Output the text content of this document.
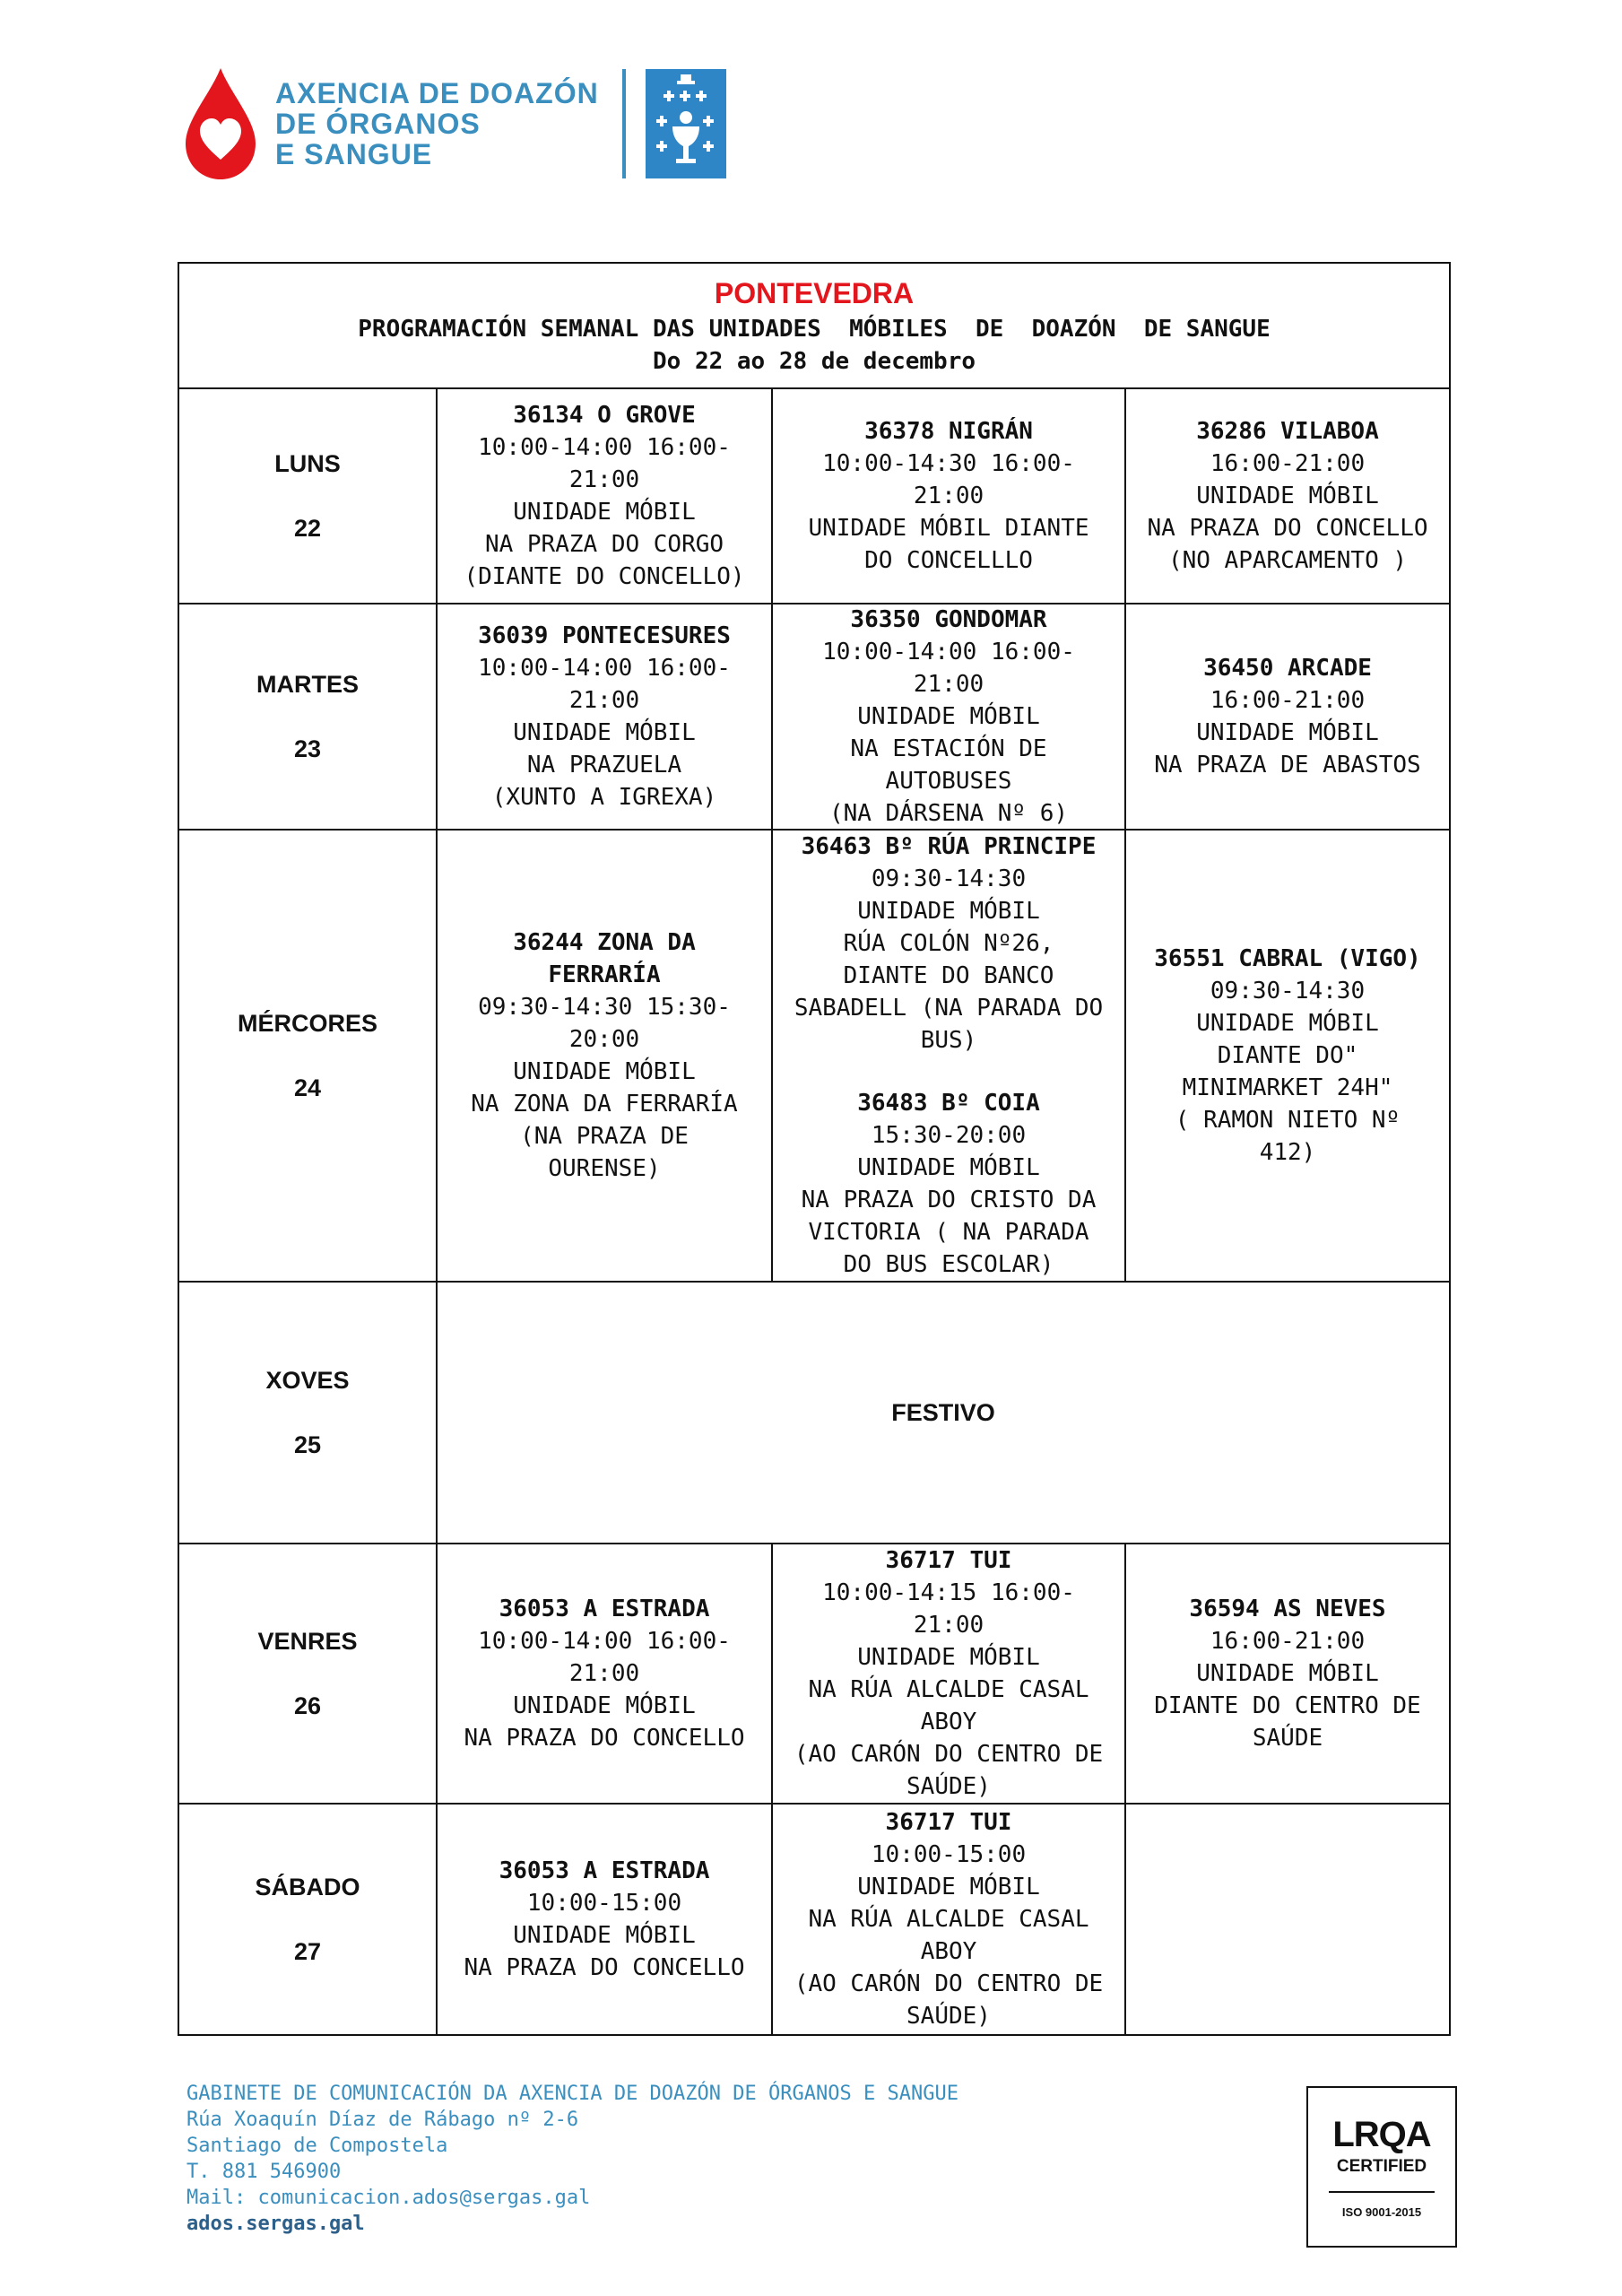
AXENCIA DE DOAZÓN
DE ÓRGANOS
E SANGUE
PONTEVEDRA
PROGRAMACIÓN SEMANAL DAS UNIDADES  MÓBILES  DE  DOAZÓN  DE SANGUE
Do 22 ao 28 de decembro
LUNS
22
36134 O GROVE
10:00-14:00 16:00-
21:00
UNIDADE MÓBIL
NA PRAZA DO CORGO
(DIANTE DO CONCELLO)
36378 NIGRÁN
10:00-14:30 16:00-
21:00
UNIDADE MÓBIL DIANTE
DO CONCELLLO
36286 VILABOA
16:00-21:00
UNIDADE MÓBIL
NA PRAZA DO CONCELLO
(NO APARCAMENTO )
MARTES
23
36039 PONTECESURES
10:00-14:00 16:00-
21:00
UNIDADE MÓBIL
NA PRAZUELA
(XUNTO A IGREXA)
36350 GONDOMAR
10:00-14:00 16:00-
21:00
UNIDADE MÓBIL
NA ESTACIÓN DE
AUTOBUSES
(NA DÁRSENA Nº 6)
36450 ARCADE
16:00-21:00
UNIDADE MÓBIL
NA PRAZA DE ABASTOS
MÉRCORES
24
36244 ZONA DA
FERRARÍA
09:30-14:30 15:30-
20:00
UNIDADE MÓBIL
NA ZONA DA FERRARÍA
(NA PRAZA DE
OURENSE)
36463 Bº RÚA PRINCIPE
09:30-14:30
UNIDADE MÓBIL
RÚA COLÓN Nº26,
DIANTE DO BANCO
SABADELL (NA PARADA DO
BUS)
36483 Bº COIA
15:30-20:00
UNIDADE MÓBIL
NA PRAZA DO CRISTO DA
VICTORIA ( NA PARADA
DO BUS ESCOLAR)
36551 CABRAL (VIGO)
09:30-14:30
UNIDADE MÓBIL
DIANTE DO"
MINIMARKET 24H"
( RAMON NIETO Nº
412)
XOVES
25
FESTIVO
VENRES
26
36053 A ESTRADA
10:00-14:00 16:00-
21:00
UNIDADE MÓBIL
NA PRAZA DO CONCELLO
36717 TUI
10:00-14:15 16:00-
21:00
UNIDADE MÓBIL
NA RÚA ALCALDE CASAL
ABOY
(AO CARÓN DO CENTRO DE
SAÚDE)
36594 AS NEVES
16:00-21:00
UNIDADE MÓBIL
DIANTE DO CENTRO DE
SAÚDE
SÁBADO
27
36053 A ESTRADA
10:00-15:00
UNIDADE MÓBIL
NA PRAZA DO CONCELLO
36717 TUI
10:00-15:00
UNIDADE MÓBIL
NA RÚA ALCALDE CASAL
ABOY
(AO CARÓN DO CENTRO DE
SAÚDE)
GABINETE DE COMUNICACIÓN DA AXENCIA DE DOAZÓN DE ÓRGANOS E SANGUE
Rúa Xoaquín Díaz de Rábago nº 2-6
Santiago de Compostela
T. 881 546900
Mail: comunicacion.ados@sergas.gal
ados.sergas.gal
LRQA
CERTIFIED
ISO 9001-2015
